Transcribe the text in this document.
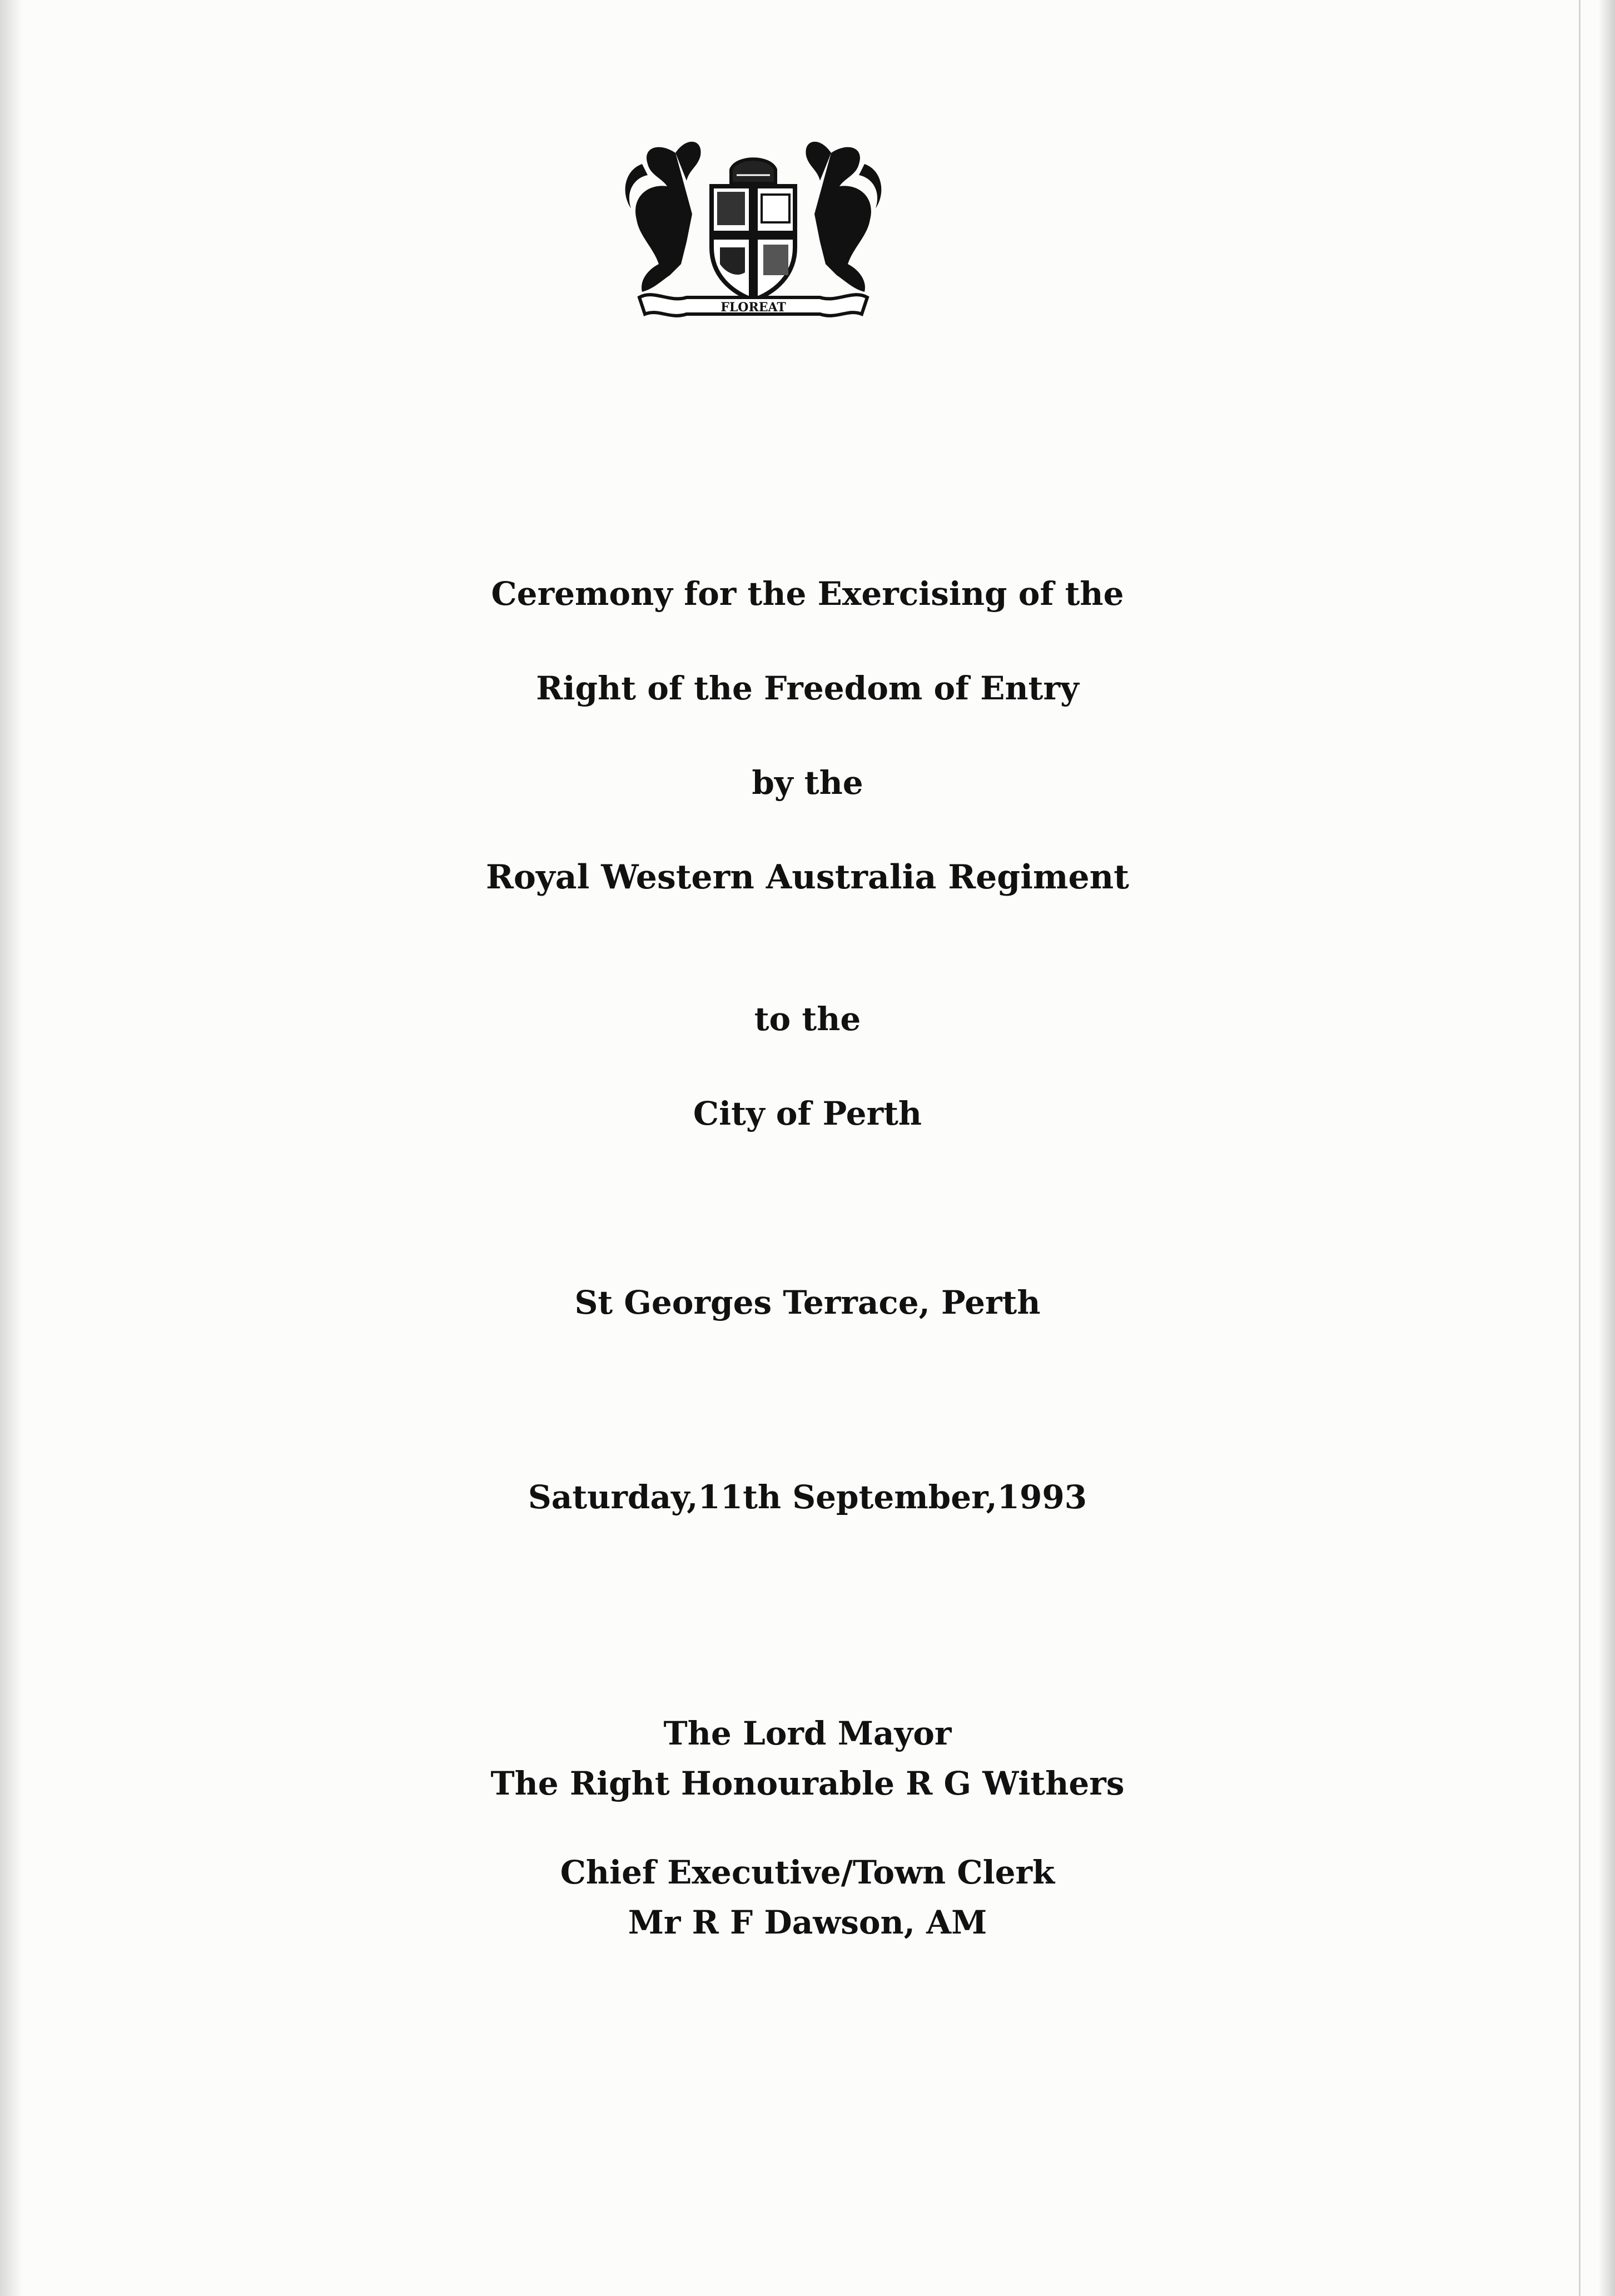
FLOREAT
Ceremony for the Exercising of the
Right of the Freedom of Entry
by the
Royal Western Australia Regiment
to the
City of Perth
St Georges Terrace, Perth
Saturday,11th September,1993
The Lord Mayor
The Right Honourable R G Withers
Chief Executive/Town Clerk
Mr R F Dawson, AM
